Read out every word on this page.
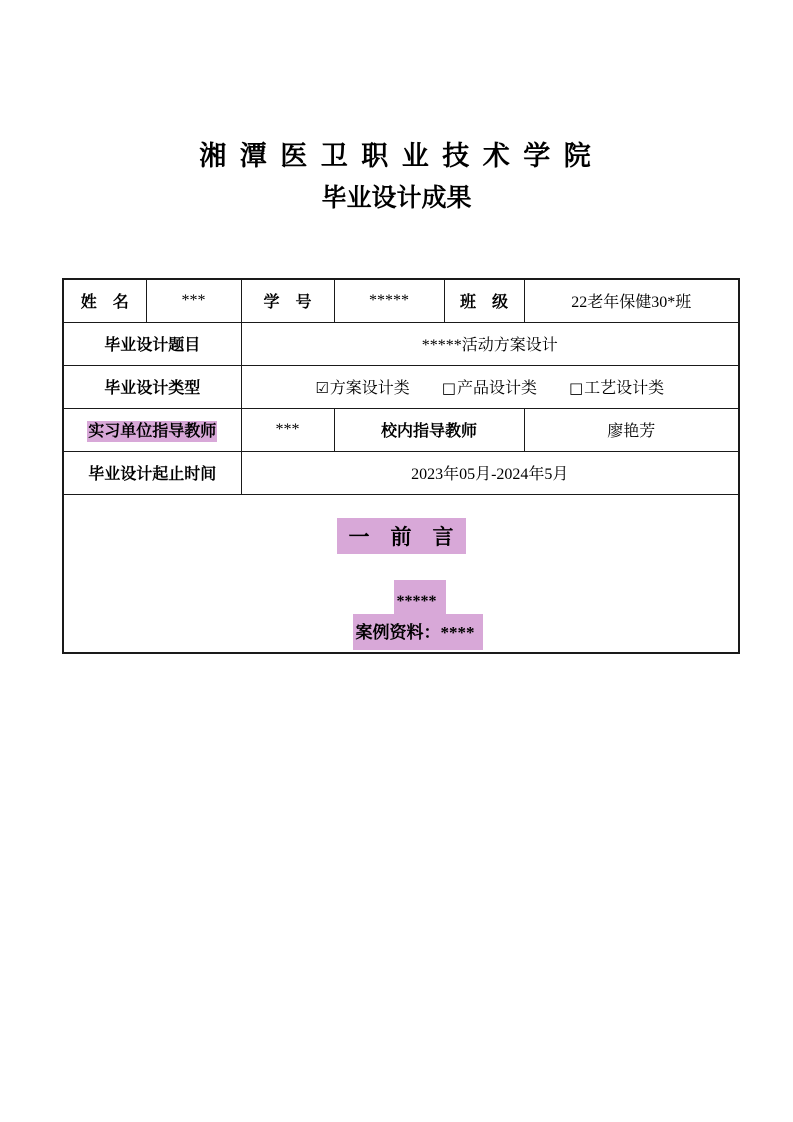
湘 潭 医 卫 职 业 技 术 学 院
毕业设计成果
姓　名	***	学　号	*****	班　级	22老年保健30*班
毕业设计题目		*****活动方案设计			
毕业设计类型		☑方案设计类 □产品设计类 □工艺设计类			
实习单位指导教师		***	校内指导教师		廖艳芳
毕业设计起止时间		2023年05月-2024年5月			

一　前　言
*****
案例资料：****					
